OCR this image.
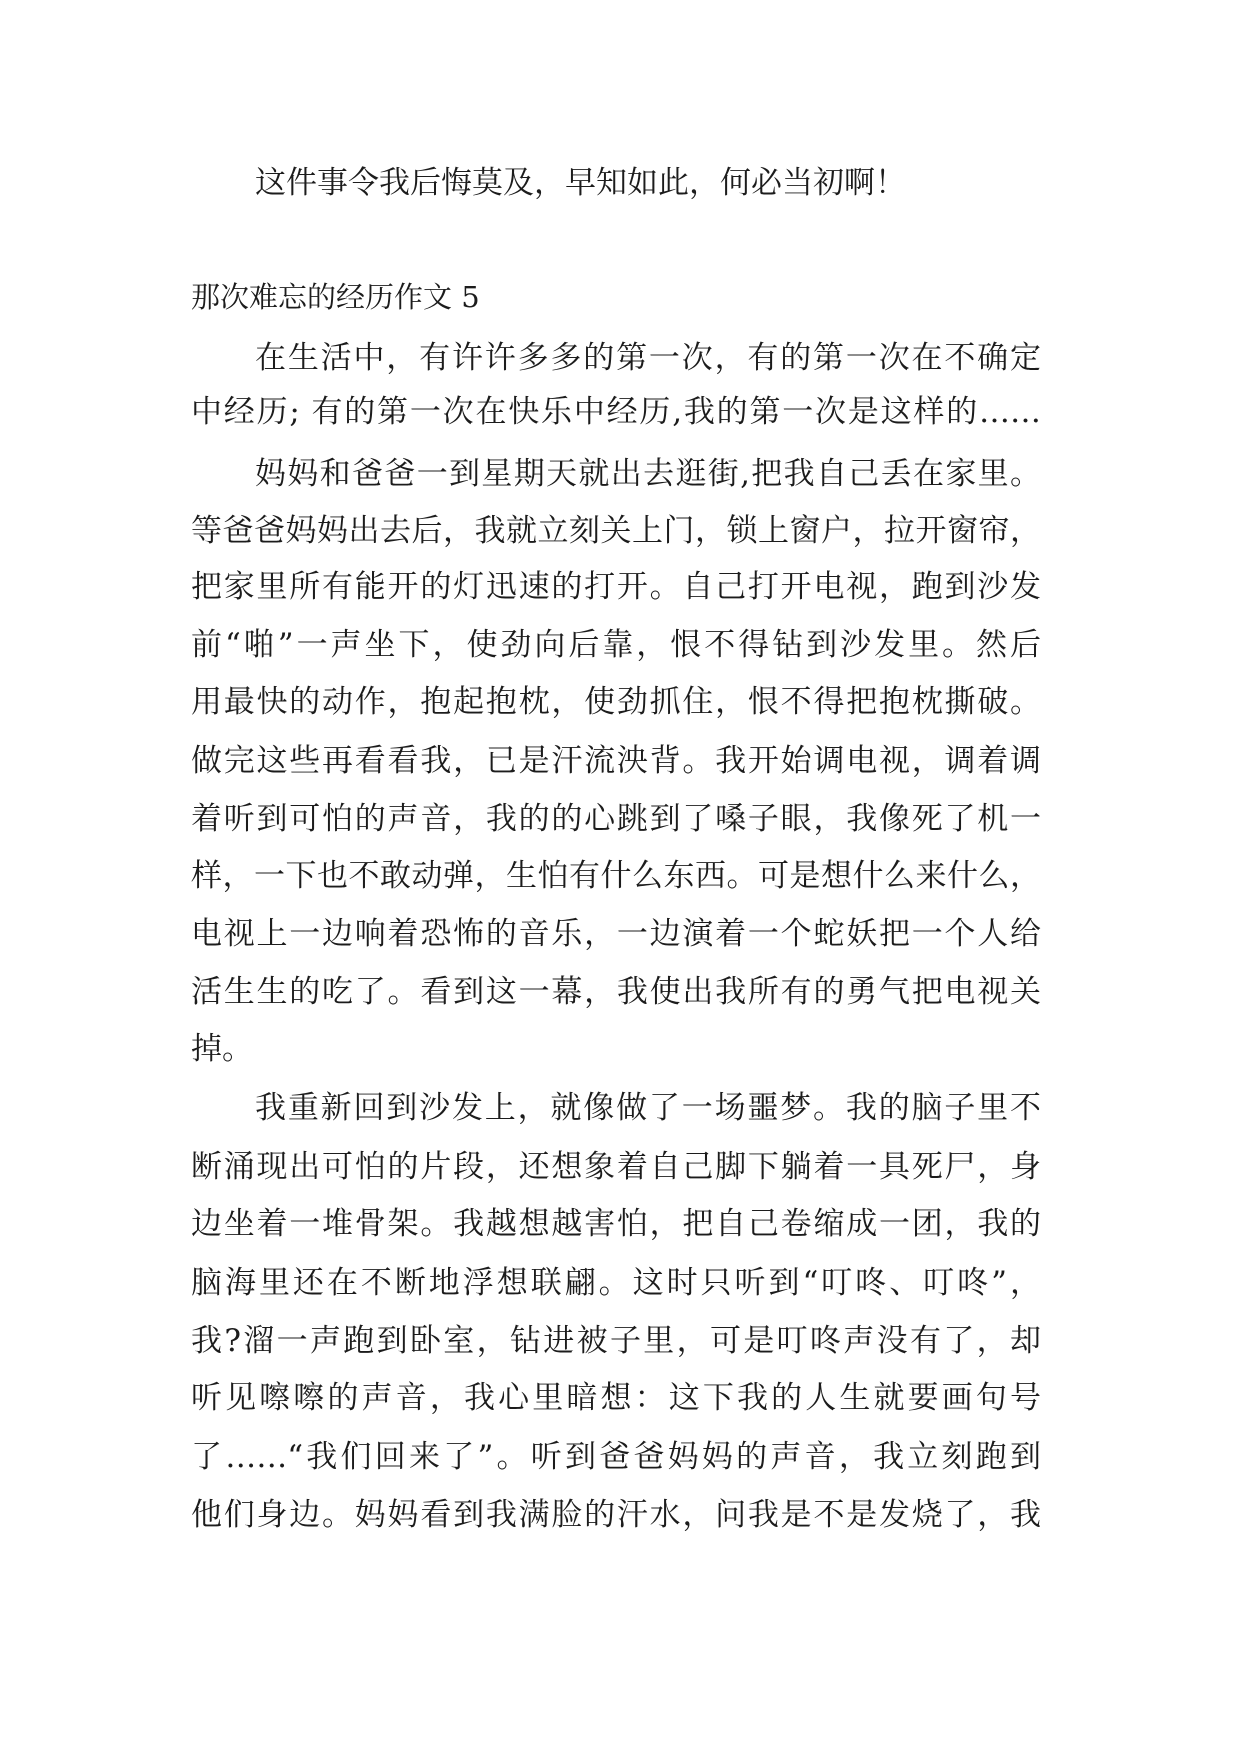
这件事令我后悔莫及，早知如此，何必当初啊！
那次难忘的经历作文 5
在生活中，有许许多多的第一次，有的第一次在不确定
中经历; 有的第一次在快乐中经历,我的第一次是这样的……
妈妈和爸爸一到星期天就出去逛街,把我自己丢在家里。
等爸爸妈妈出去后，我就立刻关上门，锁上窗户，拉开窗帘，
把家里所有能开的灯迅速的打开。自己打开电视，跑到沙发
前“啪”一声坐下，使劲向后靠，恨不得钻到沙发里。然后
用最快的动作，抱起抱枕，使劲抓住，恨不得把抱枕撕破。
做完这些再看看我，已是汗流泱背。我开始调电视，调着调
着听到可怕的声音，我的的心跳到了嗓子眼，我像死了机一
样，一下也不敢动弹，生怕有什么东西。可是想什么来什么，
电视上一边响着恐怖的音乐，一边演着一个蛇妖把一个人给
活生生的吃了。看到这一幕，我使出我所有的勇气把电视关
掉。
我重新回到沙发上，就像做了一场噩梦。我的脑子里不
断涌现出可怕的片段，还想象着自己脚下躺着一具死尸，身
边坐着一堆骨架。我越想越害怕，把自己卷缩成一团，我的
脑海里还在不断地浮想联翩。这时只听到“叮咚、叮咚”，
我?溜一声跑到卧室，钻进被子里，可是叮咚声没有了，却
听见嚓嚓的声音，我心里暗想：这下我的人生就要画句号
了……“我们回来了”。听到爸爸妈妈的声音，我立刻跑到
他们身边。妈妈看到我满脸的汗水，问我是不是发烧了，我
